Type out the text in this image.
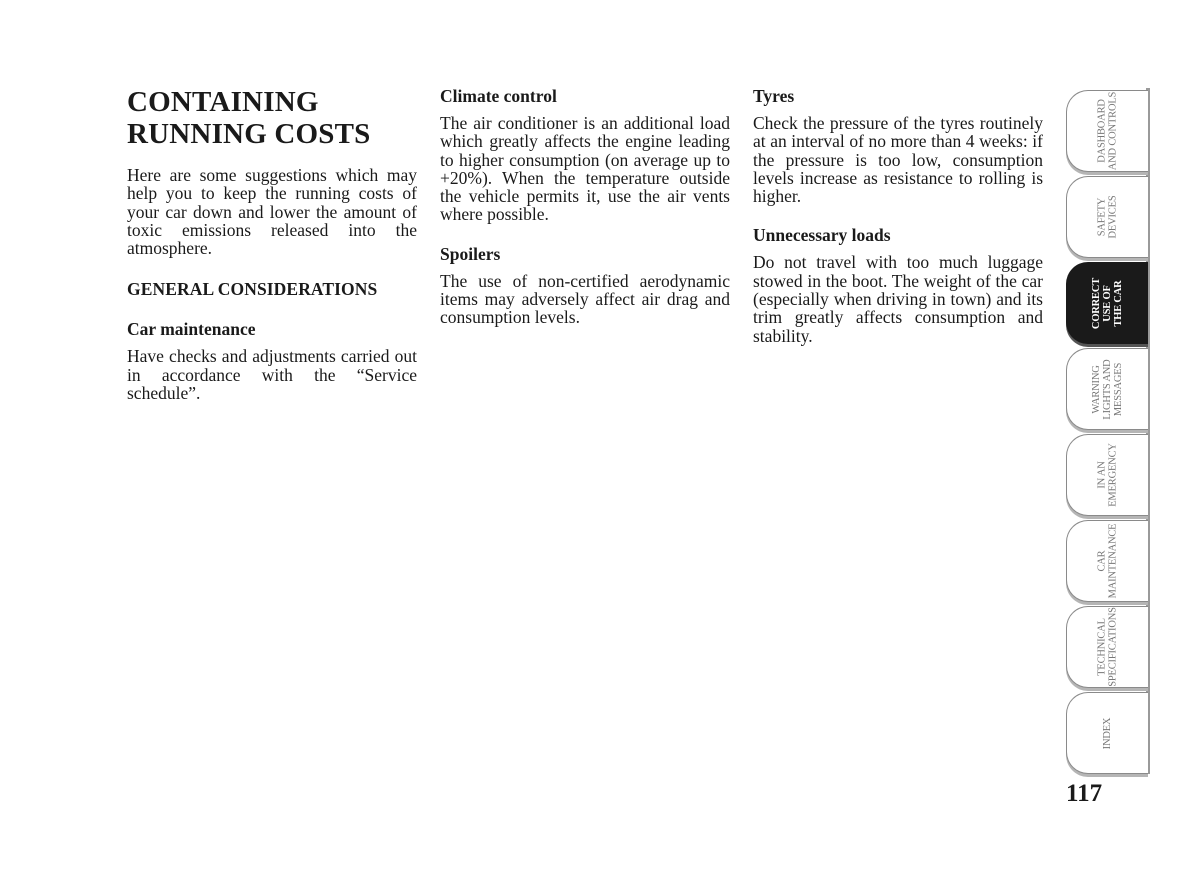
CONTAINING
RUNNING COSTS

Here are some suggestions which may help you to keep the running costs of your car down and lower the amount of toxic emissions released into the atmosphere.

GENERAL CONSIDERATIONS
Car maintenance

Have checks and adjustments carried out in accordance with the “Service schedule”.

Climate control

The air conditioner is an additional load which greatly affects the engine leading to higher consumption (on average up to +20%). When the temperature outside the vehicle permits it, use the air vents where possible.

Spoilers

The use of non-certified aerodynamic items may adversely affect air drag and consumption levels.

Tyres

Check the pressure of the tyres routinely at an interval of no more than 4 weeks: if the pressure is too low, consumption levels increase as resistance to rolling is higher.

Unnecessary loads

Do not travel with too much luggage stowed in the boot. The weight of the car (especially when driving in town) and its trim greatly affects consumption and stability.

DASHBOARD
AND CONTROLS
SAFETY
DEVICES
CORRECT
USE OF
THE CAR
WARNING
LIGHTS AND
MESSAGES
IN AN
EMERGENCY
CAR
MAINTENANCE
TECHNICAL
SPECIFICATIONS
INDEX
117
